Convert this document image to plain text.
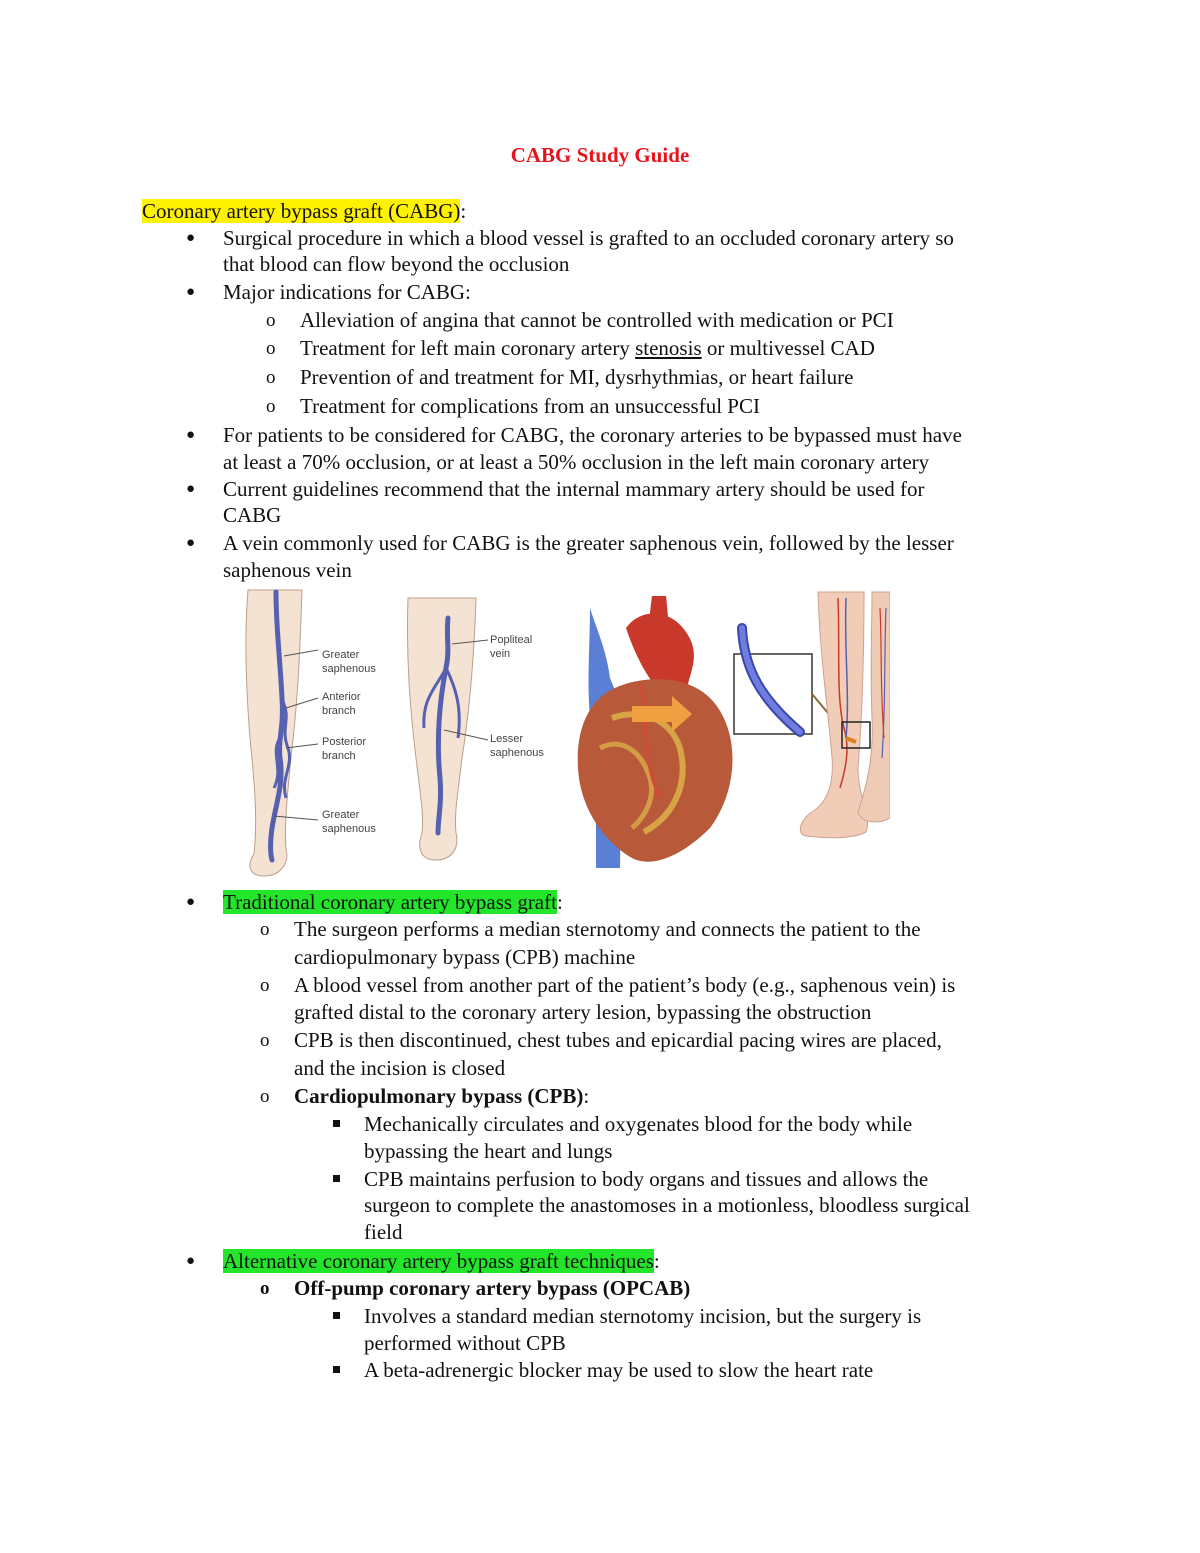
CABG Study Guide
Coronary artery bypass graft (CABG):
● Surgical procedure in which a blood vessel is grafted to an occluded coronary artery so
that blood can flow beyond the occlusion
● Major indications for CABG:
o Alleviation of angina that cannot be controlled with medication or PCI
o Treatment for left main coronary artery stenosis or multivessel CAD
o Prevention of and treatment for MI, dysrhythmias, or heart failure
o Treatment for complications from an unsuccessful PCI
● For patients to be considered for CABG, the coronary arteries to be bypassed must have
at least a 70% occlusion, or at least a 50% occlusion in the left main coronary artery
● Current guidelines recommend that the internal mammary artery should be used for
CABG
● A vein commonly used for CABG is the greater saphenous vein, followed by the lesser
saphenous vein
Greater saphenous
Anterior branch
Posterior branch
Greater saphenous
Popliteal vein
Lesser saphenous
● Traditional coronary artery bypass graft:
o The surgeon performs a median sternotomy and connects the patient to the
cardiopulmonary bypass (CPB) machine
o A blood vessel from another part of the patient’s body (e.g., saphenous vein) is
grafted distal to the coronary artery lesion, bypassing the obstruction
o CPB is then discontinued, chest tubes and epicardial pacing wires are placed,
and the incision is closed
o Cardiopulmonary bypass (CPB):
Mechanically circulates and oxygenates blood for the body while
bypassing the heart and lungs
CPB maintains perfusion to body organs and tissues and allows the
surgeon to complete the anastomoses in a motionless, bloodless surgical
field
● Alternative coronary artery bypass graft techniques:
o Off-pump coronary artery bypass (OPCAB)
Involves a standard median sternotomy incision, but the surgery is
performed without CPB
A beta-adrenergic blocker may be used to slow the heart rate
